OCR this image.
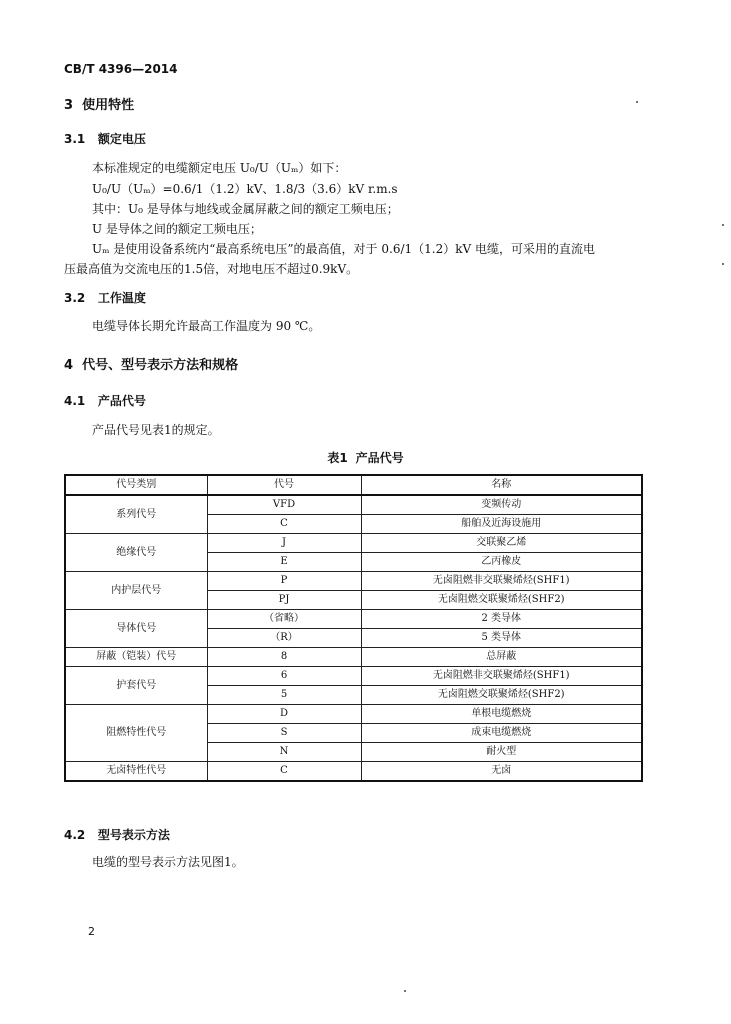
CB/T 4396—2014
3 使用特性
3.1 额定电压
本标准规定的电缆额定电压 U₀/U（Uₘ）如下：
U₀/U（Uₘ）=0.6/1（1.2）kV、1.8/3（3.6）kV r.m.s
其中：U₀ 是导体与地线或金属屏蔽之间的额定工频电压；
U 是导体之间的额定工频电压；
Uₘ 是使用设备系统内“最高系统电压”的最高值，对于 0.6/1（1.2）kV 电缆，可采用的直流电
压最高值为交流电压的1.5倍，对地电压不超过0.9kV。
3.2 工作温度
电缆导体长期允许最高工作温度为 90 ℃。
4 代号、型号表示方法和规格
4.1 产品代号
产品代号见表1的规定。
表1 产品代号
代号类别	代号	名称
系列代号	VFD	变频传动
	C	船舶及近海设施用
绝缘代号	J	交联聚乙烯
	E	乙丙橡皮
内护层代号	P	无卤阻燃非交联聚烯烃(SHF1)
	PJ	无卤阻燃交联聚烯烃(SHF2)
导体代号	（省略）	2 类导体
	（R）	5 类导体
屏蔽（铠装）代号	8	总屏蔽
护套代号	6	无卤阻燃非交联聚烯烃(SHF1)
	5	无卤阻燃交联聚烯烃(SHF2)
阻燃特性代号	D	单根电缆燃烧
	S	成束电缆燃烧
	N	耐火型
无卤特性代号	C	无卤
4.2 型号表示方法
电缆的型号表示方法见图1。
2
